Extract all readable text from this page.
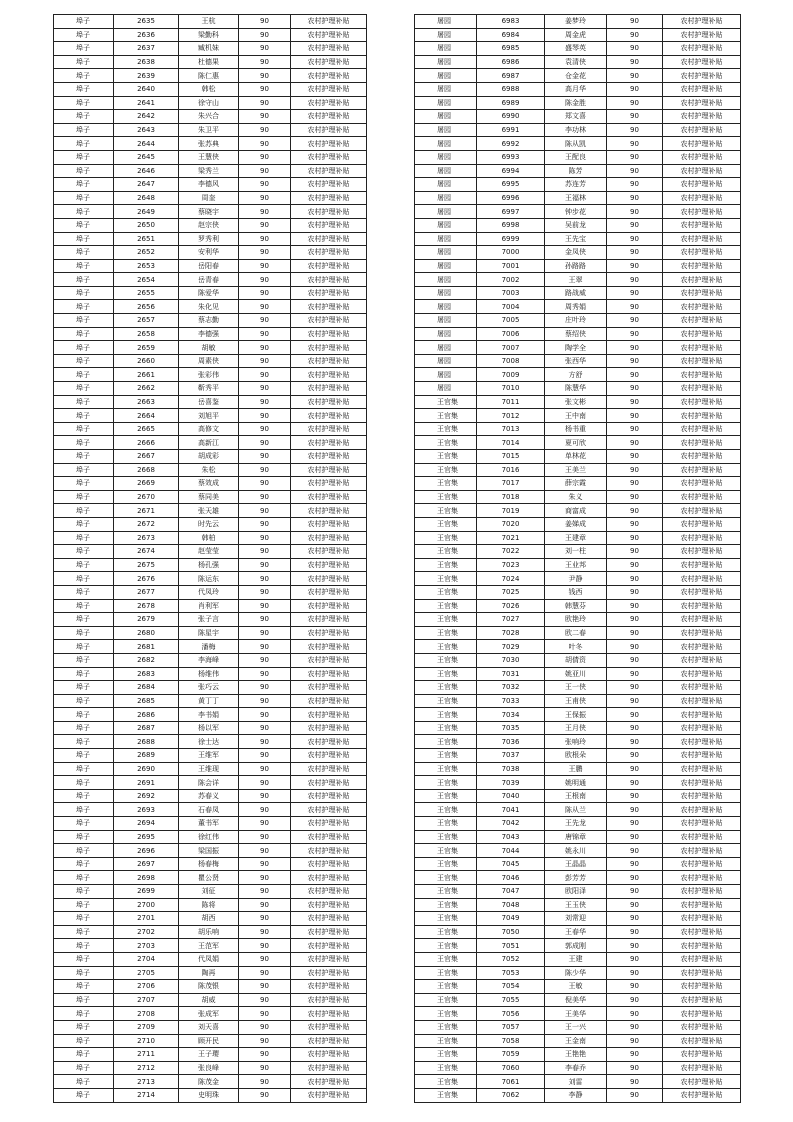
埠子	2635	王杭	90	农村护理补贴
埠子	2636	梁勤科	90	农村护理补贴
埠子	2637	臧机妹	90	农村护理补贴
埠子	2638	杜德果	90	农村护理补贴
埠子	2639	陈仁惠	90	农村护理补贴
埠子	2640	韩松	90	农村护理补贴
埠子	2641	徐守山	90	农村护理补贴
埠子	2642	朱兴合	90	农村护理补贴
埠子	2643	朱卫平	90	农村护理补贴
埠子	2644	张苏典	90	农村护理补贴
埠子	2645	王慧侠	90	农村护理补贴
埠子	2646	梁秀兰	90	农村护理补贴
埠子	2647	李德风	90	农村护理补贴
埠子	2648	周奎	90	农村护理补贴
埠子	2649	蔡晓宇	90	农村护理补贴
埠子	2650	赵宗侠	90	农村护理补贴
埠子	2651	罗秀利	90	农村护理补贴
埠子	2652	安利华	90	农村护理补贴
埠子	2653	岳阳春	90	农村护理补贴
埠子	2654	岳青春	90	农村护理补贴
埠子	2655	陈爱华	90	农村护理补贴
埠子	2656	朱化见	90	农村护理补贴
埠子	2657	蔡志勤	90	农村护理补贴
埠子	2658	李德强	90	农村护理补贴
埠子	2659	胡敏	90	农村护理补贴
埠子	2660	周素侠	90	农村护理补贴
埠子	2661	张彩伟	90	农村护理补贴
埠子	2662	靳秀平	90	农村护理补贴
埠子	2663	岳喜鉴	90	农村护理补贴
埠子	2664	刘旭平	90	农村护理补贴
埠子	2665	高修文	90	农村护理补贴
埠子	2666	高新江	90	农村护理补贴
埠子	2667	胡成彩	90	农村护理补贴
埠子	2668	朱松	90	农村护理补贴
埠子	2669	蔡效成	90	农村护理补贴
埠子	2670	蔡同美	90	农村护理补贴
埠子	2671	张天雄	90	农村护理补贴
埠子	2672	时先云	90	农村护理补贴
埠子	2673	韩柏	90	农村护理补贴
埠子	2674	赵莹莹	90	农村护理补贴
埠子	2675	杨孔强	90	农村护理补贴
埠子	2676	陈运东	90	农村护理补贴
埠子	2677	代凤玲	90	农村护理补贴
埠子	2678	肖利军	90	农村护理补贴
埠子	2679	张子言	90	农村护理补贴
埠子	2680	陈星宇	90	农村护理补贴
埠子	2681	潘梅	90	农村护理补贴
埠子	2682	李海峰	90	农村护理补贴
埠子	2683	杨维伟	90	农村护理补贴
埠子	2684	张巧云	90	农村护理补贴
埠子	2685	黄丁丁	90	农村护理补贴
埠子	2686	李书娟	90	农村护理补贴
埠子	2687	杨以军	90	农村护理补贴
埠子	2688	徐士达	90	农村护理补贴
埠子	2689	王维军	90	农村护理补贴
埠子	2690	王维现	90	农村护理补贴
埠子	2691	陈会详	90	农村护理补贴
埠子	2692	苏春义	90	农村护理补贴
埠子	2693	石春凤	90	农村护理补贴
埠子	2694	董书军	90	农村护理补贴
埠子	2695	徐红伟	90	农村护理补贴
埠子	2696	梁国振	90	农村护理补贴
埠子	2697	杨春梅	90	农村护理补贴
埠子	2698	瞿公贤	90	农村护理补贴
埠子	2699	刘征	90	农村护理补贴
埠子	2700	陈将	90	农村护理补贴
埠子	2701	胡西	90	农村护理补贴
埠子	2702	胡乐响	90	农村护理补贴
埠子	2703	王范军	90	农村护理补贴
埠子	2704	代凤娟	90	农村护理补贴
埠子	2705	陶再	90	农村护理补贴
埠子	2706	陈茂银	90	农村护理补贴
埠子	2707	胡威	90	农村护理补贴
埠子	2708	张成军	90	农村护理补贴
埠子	2709	刘天喜	90	农村护理补贴
埠子	2710	顾开民	90	农村护理补贴
埠子	2711	王子璎	90	农村护理补贴
埠子	2712	张良峰	90	农村护理补贴
埠子	2713	陈茂金	90	农村护理补贴
埠子	2714	史明珠	90	农村护理补贴
屠园	6983	姜梦玲	90	农村护理补贴
屠园	6984	周金虎	90	农村护理补贴
屠园	6985	盛琴英	90	农村护理补贴
屠园	6986	袁清侠	90	农村护理补贴
屠园	6987	仓金花	90	农村护理补贴
屠园	6988	高月华	90	农村护理补贴
屠园	6989	陈金胜	90	农村护理补贴
屠园	6990	郑文喜	90	农村护理补贴
屠园	6991	李功林	90	农村护理补贴
屠园	6992	陈从凯	90	农村护理补贴
屠园	6993	王配良	90	农村护理补贴
屠园	6994	陈芳	90	农村护理补贴
屠园	6995	苏连芳	90	农村护理补贴
屠园	6996	王福林	90	农村护理补贴
屠园	6997	钟步花	90	农村护理补贴
屠园	6998	吴前龙	90	农村护理补贴
屠园	6999	王先宝	90	农村护理补贴
屠园	7000	金凤侠	90	农村护理补贴
屠园	7001	孙路路	90	农村护理补贴
屠园	7002	王翠	90	农村护理补贴
屠园	7003	路战威	90	农村护理补贴
屠园	7004	周秀娟	90	农村护理补贴
屠园	7005	庄叶玲	90	农村护理补贴
屠园	7006	蔡绍侠	90	农村护理补贴
屠园	7007	陶学全	90	农村护理补贴
屠园	7008	张西华	90	农村护理补贴
屠园	7009	方舒	90	农村护理补贴
屠园	7010	陈慧华	90	农村护理补贴
王官集	7011	张文彬	90	农村护理补贴
王官集	7012	王中南	90	农村护理补贴
王官集	7013	杨书重	90	农村护理补贴
王官集	7014	夏可欣	90	农村护理补贴
王官集	7015	单林花	90	农村护理补贴
王官集	7016	王美兰	90	农村护理补贴
王官集	7017	薛宗霞	90	农村护理补贴
王官集	7018	朱义	90	农村护理补贴
王官集	7019	商富成	90	农村护理补贴
王官集	7020	姜娣成	90	农村护理补贴
王官集	7021	王建章	90	农村护理补贴
王官集	7022	刘一柱	90	农村护理补贴
王官集	7023	王业邦	90	农村护理补贴
王官集	7024	尹静	90	农村护理补贴
王官集	7025	钱西	90	农村护理补贴
王官集	7026	韩慧芬	90	农村护理补贴
王官集	7027	欧艳玲	90	农村护理补贴
王官集	7028	欧二春	90	农村护理补贴
王官集	7029	叶冬	90	农村护理补贴
王官集	7030	胡倩资	90	农村护理补贴
王官集	7031	姚亚川	90	农村护理补贴
王官集	7032	王一侠	90	农村护理补贴
王官集	7033	王甫侠	90	农村护理补贴
王官集	7034	王保振	90	农村护理补贴
王官集	7035	王月侠	90	农村护理补贴
王官集	7036	张响玲	90	农村护理补贴
王官集	7037	欧根朵	90	农村护理补贴
王官集	7038	王鹏	90	农村护理补贴
王官集	7039	姚明通	90	农村护理补贴
王官集	7040	王根南	90	农村护理补贴
王官集	7041	陈从兰	90	农村护理补贴
王官集	7042	王先龙	90	农村护理补贴
王官集	7043	唐锦章	90	农村护理补贴
王官集	7044	姚永川	90	农村护理补贴
王官集	7045	王晶晶	90	农村护理补贴
王官集	7046	彭芳芳	90	农村护理补贴
王官集	7047	欧阳泽	90	农村护理补贴
王官集	7048	王玉侠	90	农村护理补贴
王官集	7049	刘常迎	90	农村护理补贴
王官集	7050	王春华	90	农村护理补贴
王官集	7051	郭成刚	90	农村护理补贴
王官集	7052	王建	90	农村护理补贴
王官集	7053	陈少华	90	农村护理补贴
王官集	7054	王敏	90	农村护理补贴
王官集	7055	倪美华	90	农村护理补贴
王官集	7056	王美华	90	农村护理补贴
王官集	7057	王一兴	90	农村护理补贴
王官集	7058	王金南	90	农村护理补贴
王官集	7059	王艳艳	90	农村护理补贴
王官集	7060	李春乔	90	农村护理补贴
王官集	7061	刘雷	90	农村护理补贴
王官集	7062	李静	90	农村护理补贴
